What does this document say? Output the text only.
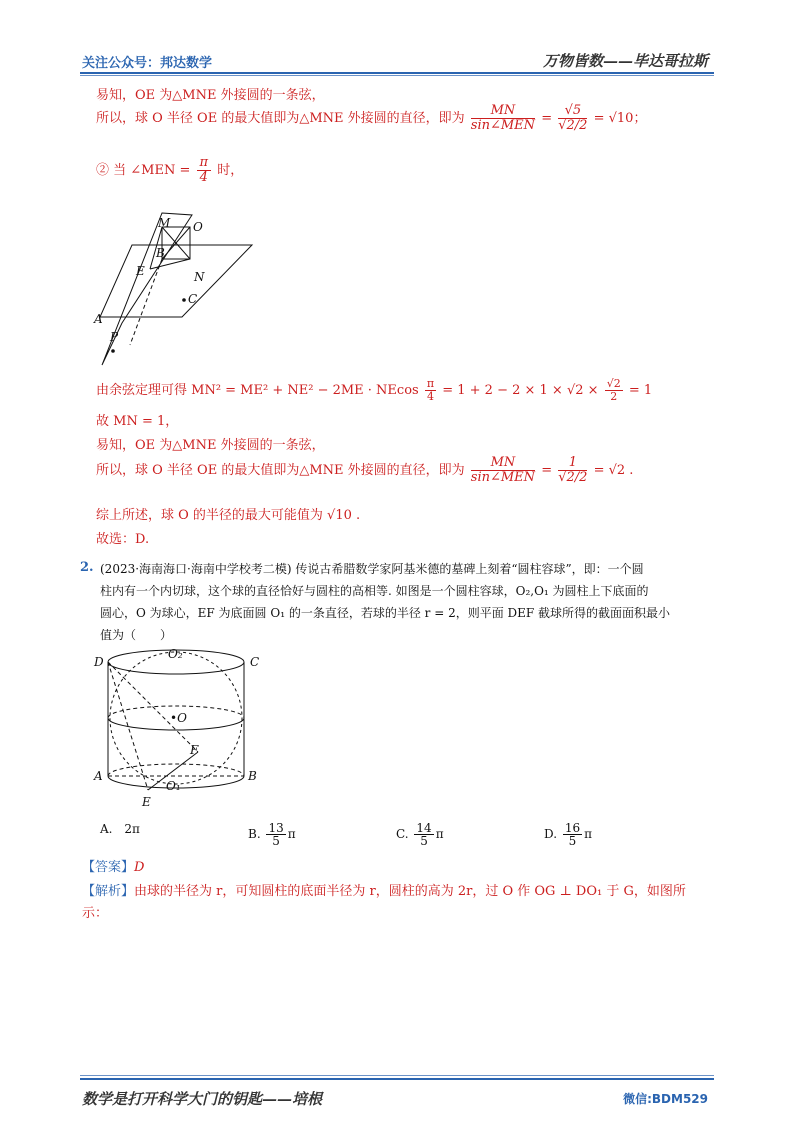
关注公众号：邦达数学	万物皆数——毕达哥拉斯
易知，OE 为△MNE 外接圆的一条弦，
所以，球 O 半径 OE 的最大值即为△MNE 外接圆的直径，即为 $\frac{MN}{\text{sin∠MEN}} = \frac{√5}{√2/2} = √10$；
② 当 ∠MEN = $\frac{\pi}{4}$ 时，
M O
B
E	N
C
A
P
由余弦定理可得 MN² = ME² + NE² − 2ME · NEcos $\frac{\pi}{4} = 1 + 2 - 2 \times 1 \times √2 \times \frac{√2}{2} = 1$
故 MN = 1，
易知，OE 为△MNE 外接圆的一条弦，
所以，球 O 半径 OE 的最大值即为△MNE 外接圆的直径，即为 $\frac{MN}{\text{sin∠MEN}} = \frac{1}{√2/2} = √2$ .
综上所述，球 O 的半径的最大可能值为 √10 .
故选：D.
2. (2023·海南海口·海南中学校考二模) 传说古希腊数学家阿基米德的墓碑上刻着“圆柱容球”，即：一个圆
柱内有一个内切球，这个球的直径恰好与圆柱的高相等. 如图是一个圆柱容球，O₂,O₁ 为圆柱上下底面的
圆心，O 为球心，EF 为底面圆 O₁ 的一条直径，若球的半径 r = 2，则平面 DEF 截球所得的截面面积最小
值为（　　）
D
O₂
C
•O
F
A	B
O₁
E
A. 2π	B. $\frac{13}{5}$ π	C. $\frac{14}{5}$ π	D. $\frac{16}{5}$ π
【答案】D
【解析】由球的半径为 r，可知圆柱的底面半径为 r，圆柱的高为 2r，过 O 作 OG ⊥ DO₁ 于 G，如图所
示：
数学是打开科学大门的钥匙——培根	微信:BDM529
